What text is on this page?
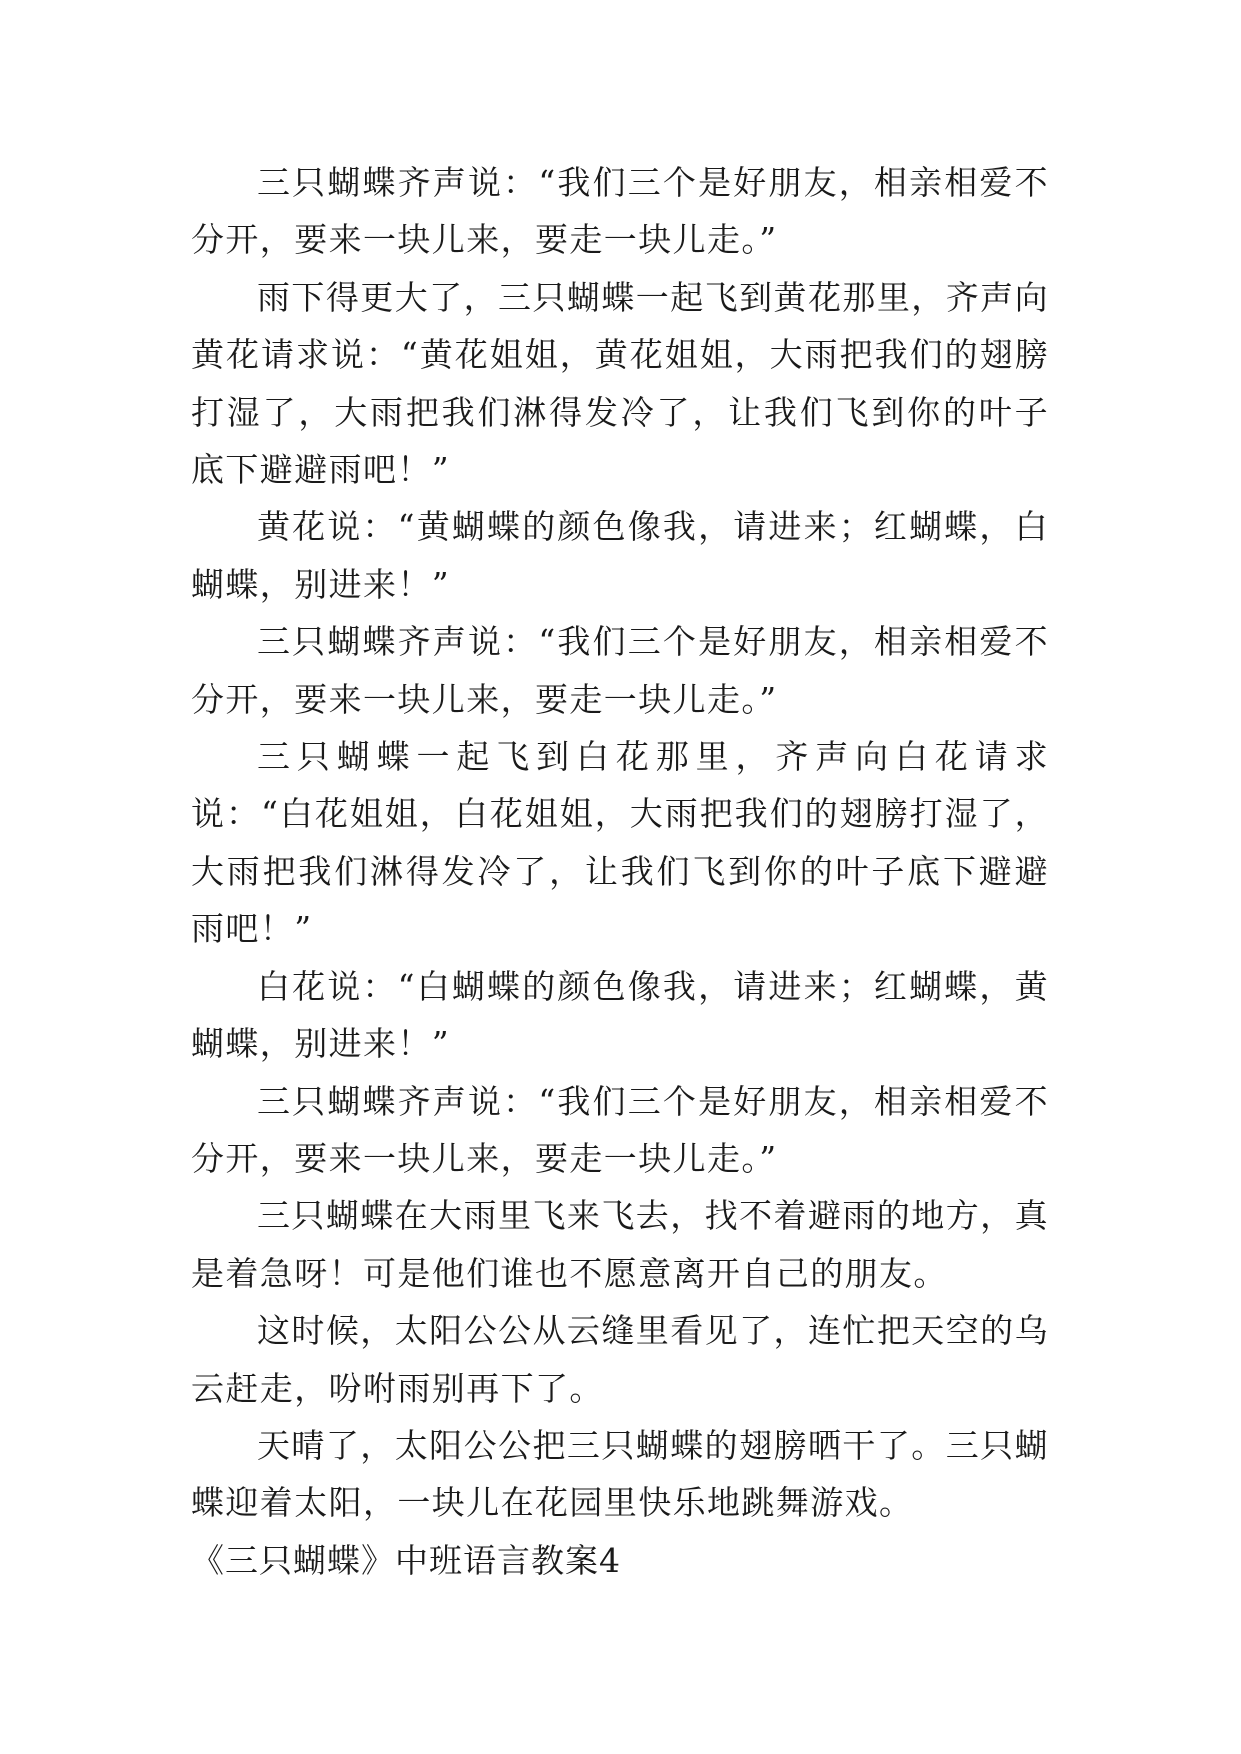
三只蝴蝶齐声说：“我们三个是好朋友，相亲相爱不分开，要来一块儿来，要走一块儿走。”

雨下得更大了，三只蝴蝶一起飞到黄花那里，齐声向黄花请求说：“黄花姐姐，黄花姐姐，大雨把我们的翅膀打湿了，大雨把我们淋得发冷了，让我们飞到你的叶子底下避避雨吧！”

黄花说：“黄蝴蝶的颜色像我，请进来；红蝴蝶，白蝴蝶，别进来！”

三只蝴蝶齐声说：“我们三个是好朋友，相亲相爱不分开，要来一块儿来，要走一块儿走。”

三只蝴蝶一起飞到白花那里，齐声向白花请求说：“白花姐姐，白花姐姐，大雨把我们的翅膀打湿了，大雨把我们淋得发冷了，让我们飞到你的叶子底下避避雨吧！”

白花说：“白蝴蝶的颜色像我，请进来；红蝴蝶，黄蝴蝶，别进来！”

三只蝴蝶齐声说：“我们三个是好朋友，相亲相爱不分开，要来一块儿来，要走一块儿走。”

三只蝴蝶在大雨里飞来飞去，找不着避雨的地方，真是着急呀！可是他们谁也不愿意离开自己的朋友。

这时候，太阳公公从云缝里看见了，连忙把天空的乌云赶走，吩咐雨别再下了。

天晴了，太阳公公把三只蝴蝶的翅膀晒干了。三只蝴蝶迎着太阳，一块儿在花园里快乐地跳舞游戏。

《三只蝴蝶》中班语言教案4
